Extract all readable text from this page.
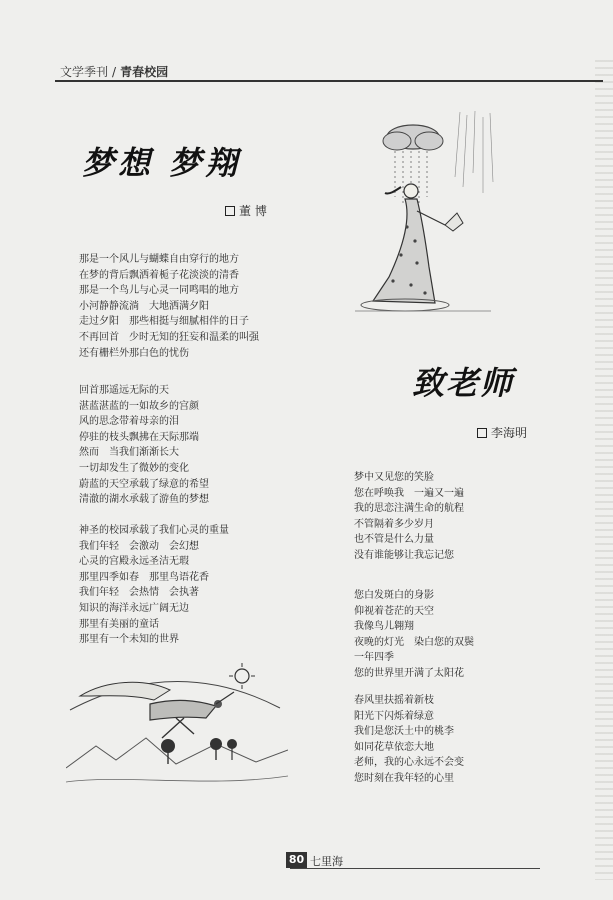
文学季刊 / 青春校园
梦想 梦翔
董 博
那是一个风儿与蝴蝶自由穿行的地方
在梦的背后飘洒着栀子花淡淡的清香
那是一个鸟儿与心灵一同鸣唱的地方
小河静静流淌　大地洒满夕阳
走过夕阳　那些相挺与细腻相伴的日子
不再回首　少时无知的狂妄和温柔的叫强
还有栅栏外那白色的忧伤
回首那遥远无际的天
湛蓝湛蓝的一如故乡的宫颜
风的思念带着母亲的泪
停驻的枝头飘拂在天际那端
然而　当我们渐渐长大
一切却发生了微妙的变化
蔚蓝的天空承载了绿意的希望
清澈的湖水承载了游鱼的梦想
神圣的校园承载了我们心灵的重量
我们年轻　会激动　会幻想
心灵的宫殿永远圣洁无瑕
那里四季如春　那里鸟语花香
我们年轻　会热情　会执著
知识的海洋永远广阔无边
那里有美丽的童话
那里有一个未知的世界
致老师
李海明
梦中又见您的笑脸
您在呼唤我　一遍又一遍
我的思恋注满生命的航程
不管隔着多少岁月
也不管是什么力量
没有谁能够让我忘记您
您白发斑白的身影
仰视着苍茫的天空
我像鸟儿翱翔
夜晚的灯光　染白您的双鬓
一年四季
您的世界里开满了太阳花
春风里扶摇着新枝
阳光下闪烁着绿意
我们是您沃土中的桃李
如同花草依恋大地
老师，我的心永远不会变
您时刻在我年轻的心里
80 七里海
